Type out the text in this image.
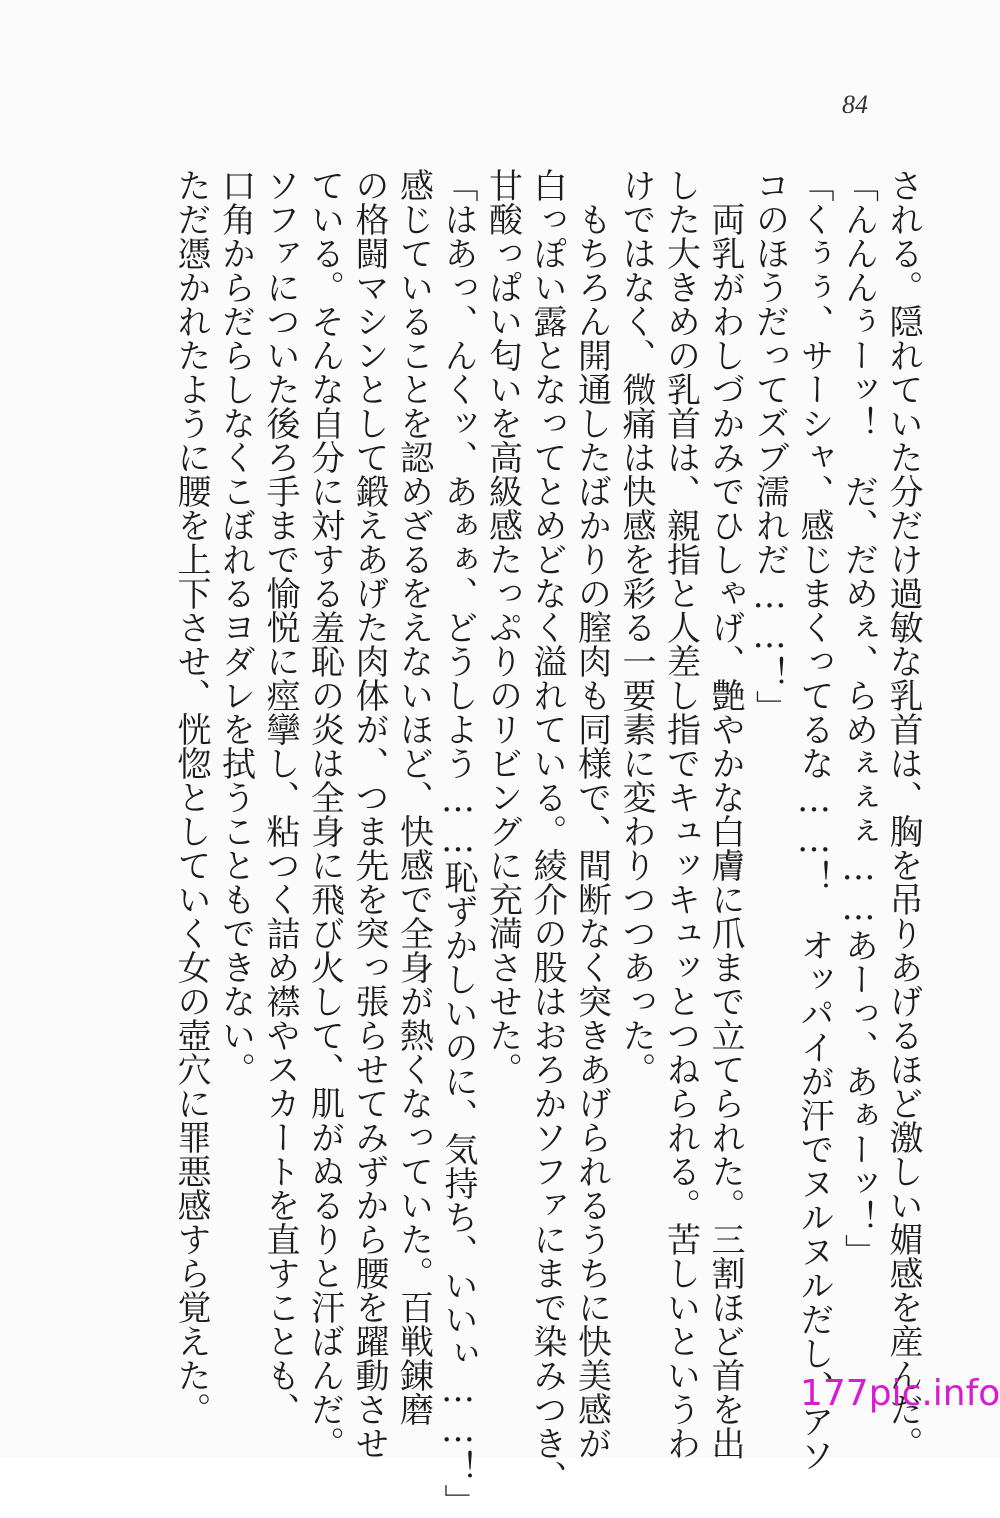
84
される。隠れていた分だけ過敏な乳首は、胸を吊りあげるほど激しい媚感を産んだ。
「んんんぅーッ！　だ、だめぇ、らめぇぇぇ……あーっ、あぁーッ！」
「くぅぅ、サーシャ、感じまくってるな……！　オッパイが汗でヌルヌルだし、アソ
コのほうだってズブ濡れだ……！」
　両乳がわしづかみでひしゃげ、艶やかな白膚に爪まで立てられた。三割ほど首を出
した大きめの乳首は、親指と人差し指でキュッキュッとつねられる。苦しいというわ
けではなく、微痛は快感を彩る一要素に変わりつつあった。
　もちろん開通したばかりの膣肉も同様で、間断なく突きあげられるうちに快美感が
白っぽい露となってとめどなく溢れている。綾介の股はおろかソファにまで染みつき、
甘酸っぱい匂いを高級感たっぷりのリビングに充満させた。
「はあっ、んくッ、あぁぁ、どうしよう……恥ずかしいのに、気持ち、いいぃ……！」
感じていることを認めざるをえないほど、快感で全身が熱くなっていた。百戦錬磨
の格闘マシンとして鍛えあげた肉体が、つま先を突っ張らせてみずから腰を躍動させ
ている。そんな自分に対する羞恥の炎は全身に飛び火して、肌がぬるりと汗ばんだ。
ソファについた後ろ手まで愉悦に痙攣し、粘つく詰め襟やスカートを直すことも、
口角からだらしなくこぼれるヨダレを拭うこともできない。
ただ憑かれたように腰を上下させ、恍惚としていく女の壺穴に罪悪感すら覚えた。	177pic.info
